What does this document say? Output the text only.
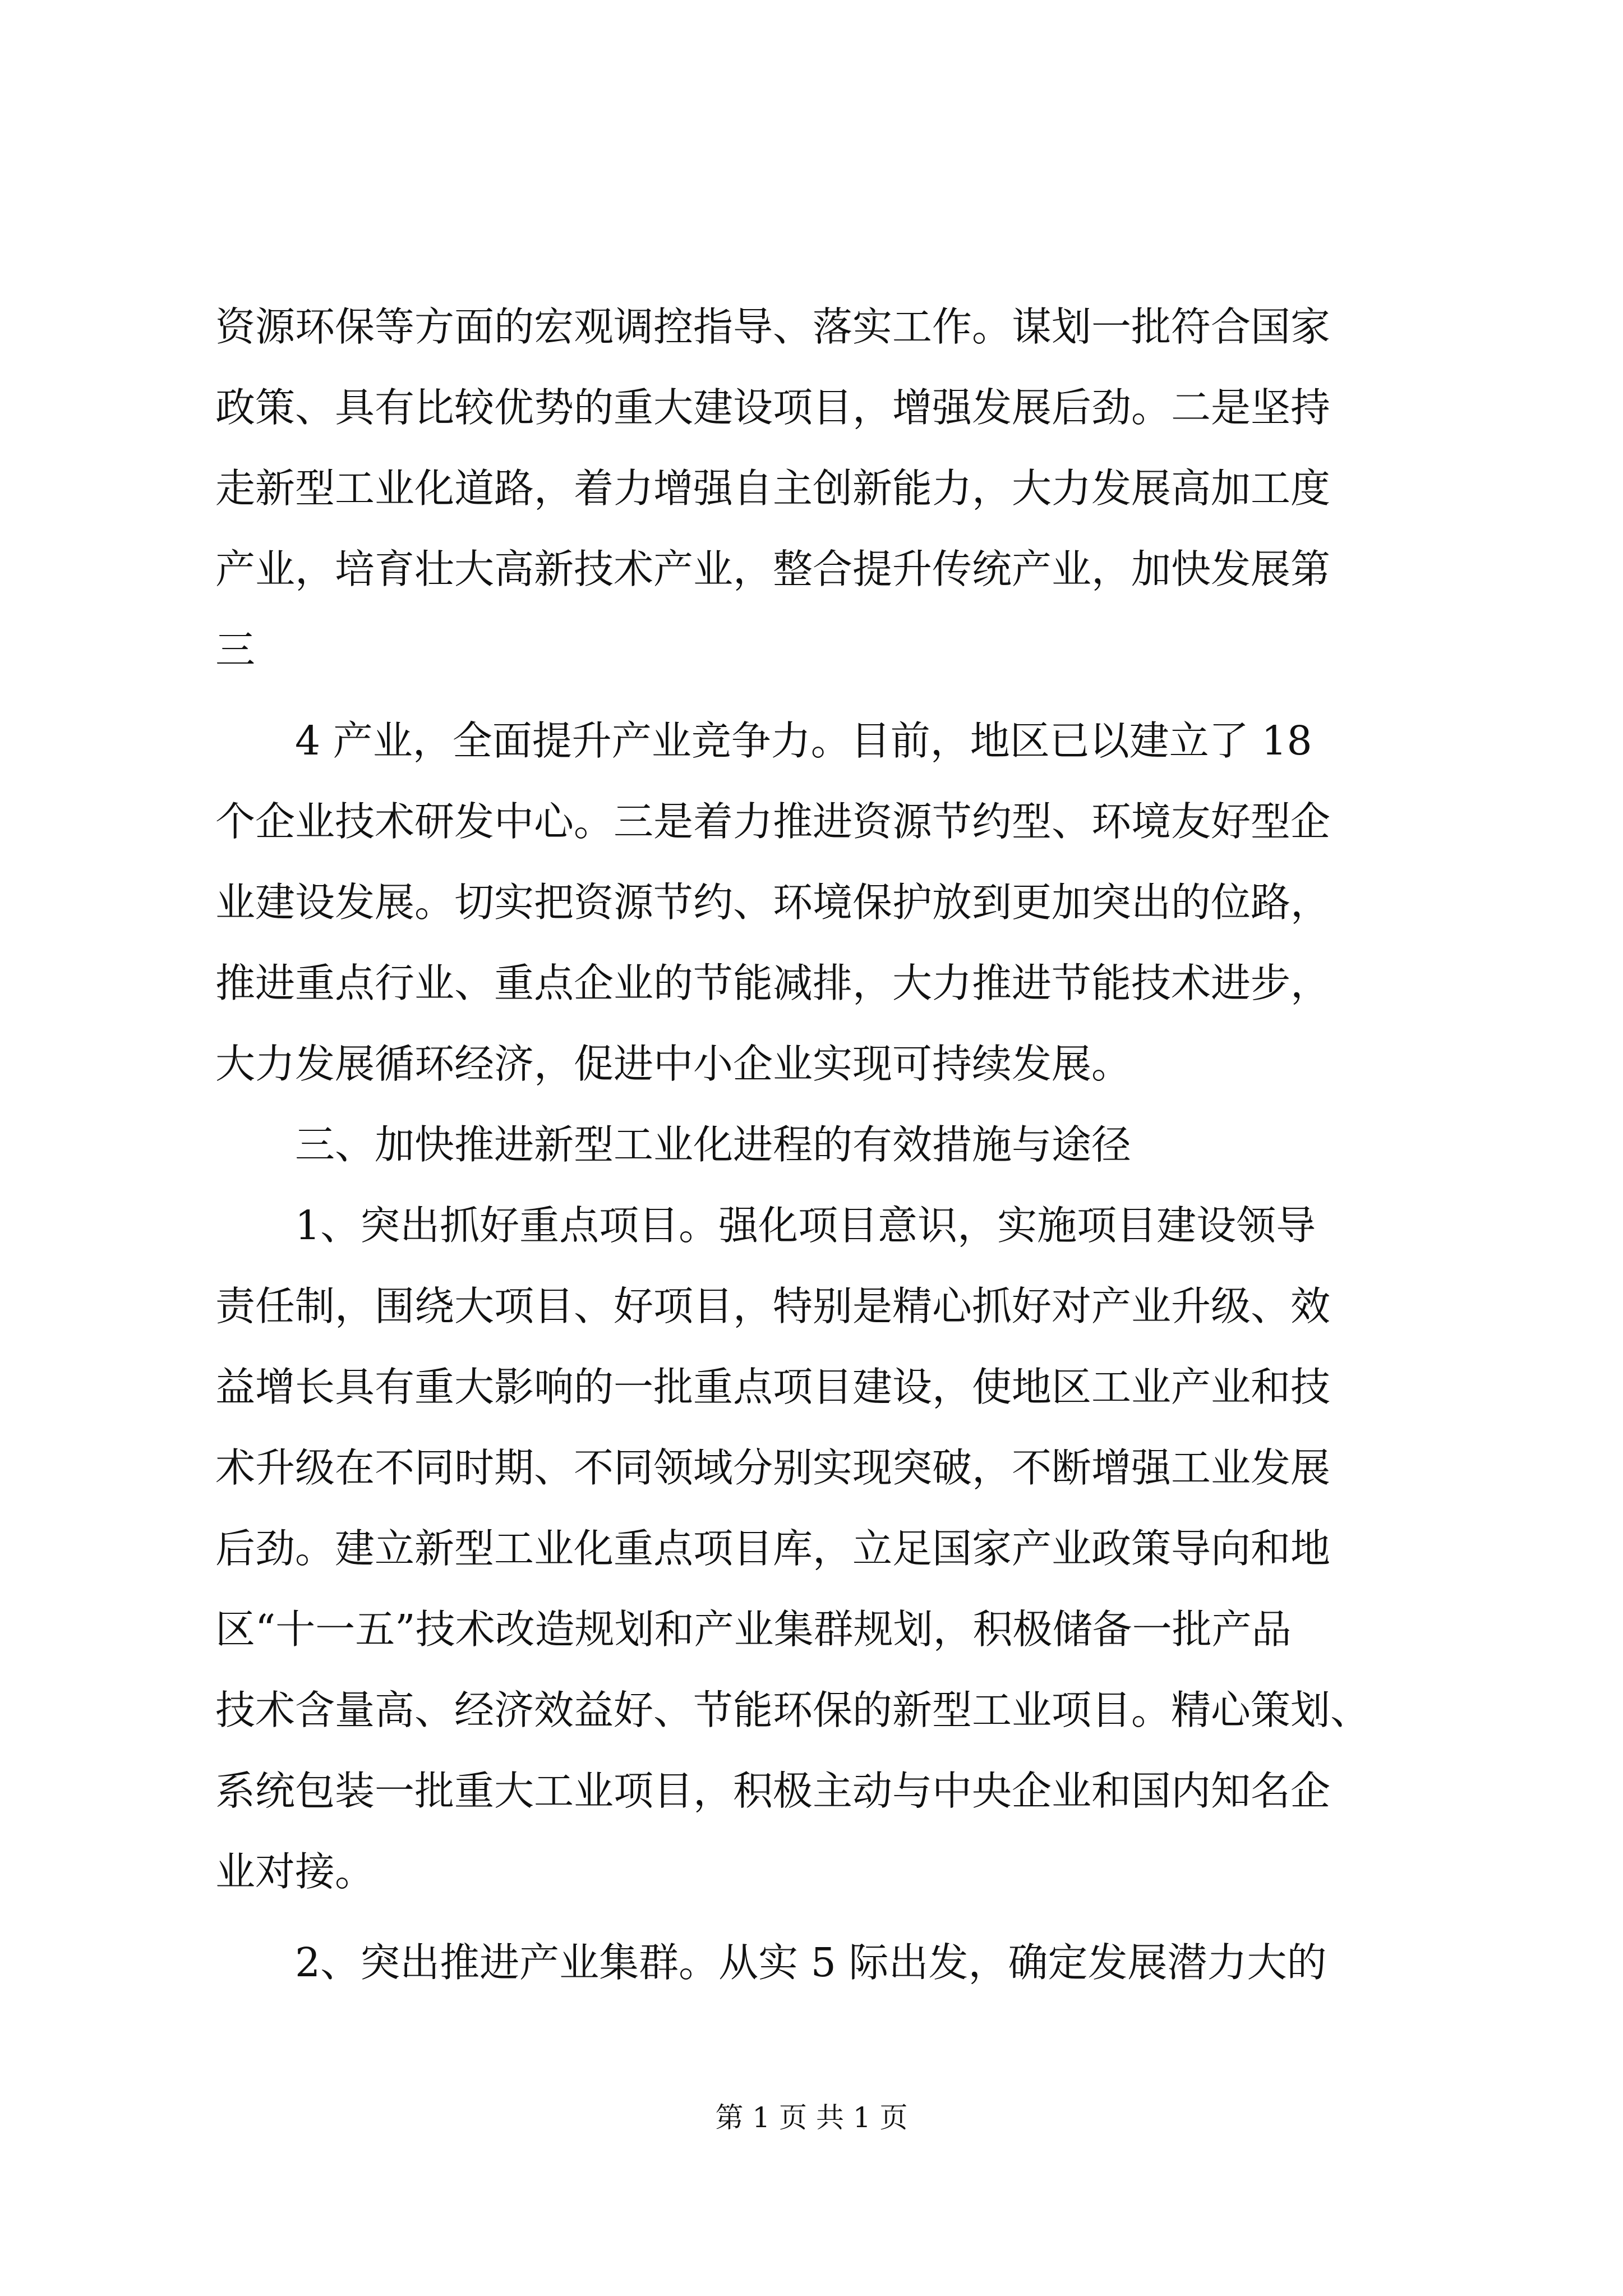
资源环保等方面的宏观调控指导、落实工作。谋划一批符合国家

政策、具有比较优势的重大建设项目，增强发展后劲。二是坚持

走新型工业化道路，着力增强自主创新能力，大力发展高加工度

产业，培育壮大高新技术产业，整合提升传统产业，加快发展第

三

　　4 产业，全面提升产业竞争力。目前，地区已以建立了 18

个企业技术研发中心。三是着力推进资源节约型、环境友好型企

业建设发展。切实把资源节约、环境保护放到更加突出的位路，

推进重点行业、重点企业的节能减排，大力推进节能技术进步，

大力发展循环经济，促进中小企业实现可持续发展。

　　三、加快推进新型工业化进程的有效措施与途径

　　1、突出抓好重点项目。强化项目意识，实施项目建设领导

责任制，围绕大项目、好项目，特别是精心抓好对产业升级、效

益增长具有重大影响的一批重点项目建设，使地区工业产业和技

术升级在不同时期、不同领域分别实现突破，不断增强工业发展

后劲。建立新型工业化重点项目库，立足国家产业政策导向和地

区“十一五”技术改造规划和产业集群规划，积极储备一批产品

技术含量高、经济效益好、节能环保的新型工业项目。精心策划、

系统包装一批重大工业项目，积极主动与中央企业和国内知名企

业对接。

　　2、突出推进产业集群。从实 5 际出发，确定发展潜力大的

第 1 页 共 1 页
